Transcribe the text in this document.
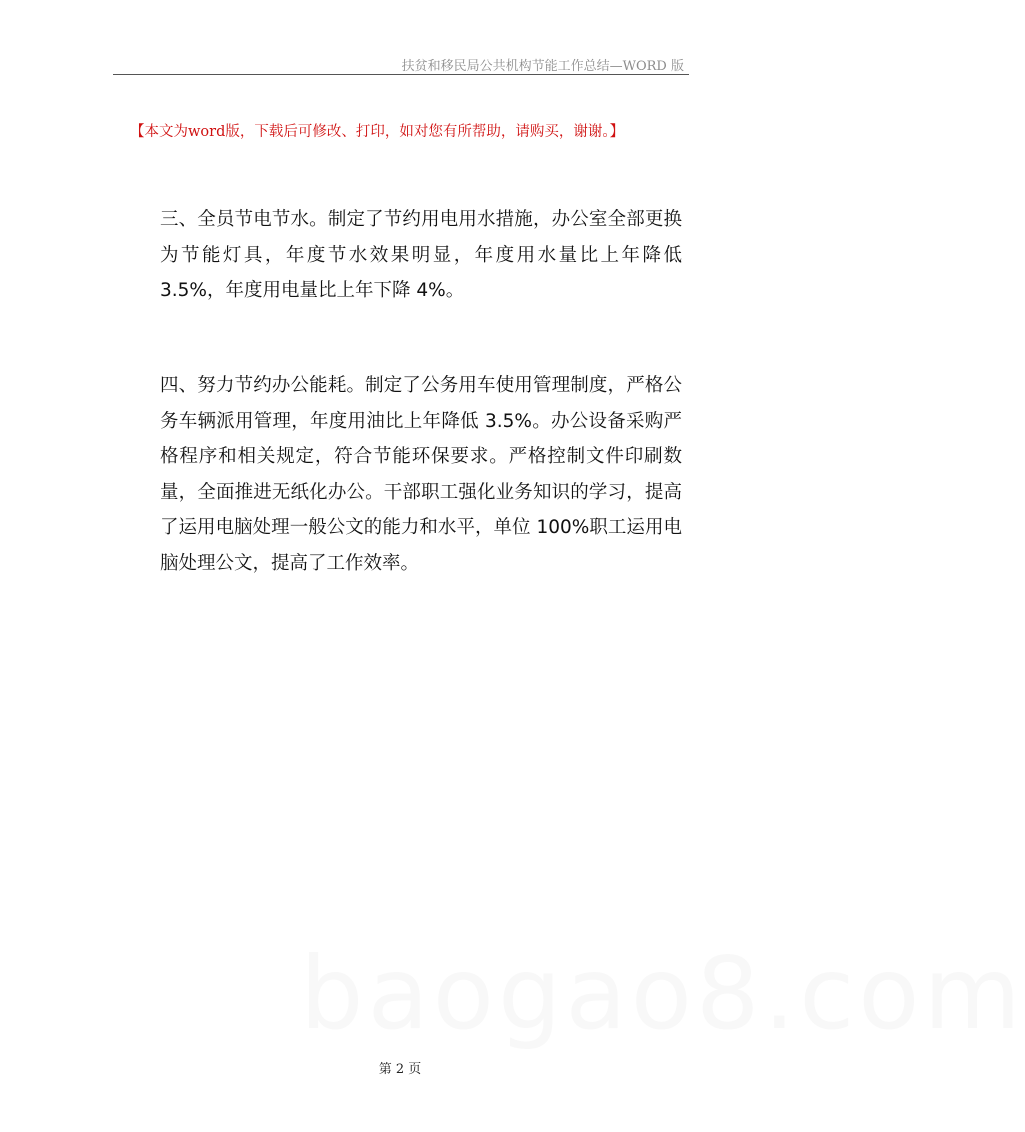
扶贫和移民局公共机构节能工作总结—WORD 版
【本文为word版，下载后可修改、打印，如对您有所帮助，请购买，谢谢。】

三、全员节电节水。制定了节约用电用水措施，办公室全部更换为节能灯具，年度节水效果明显，年度用水量比上年降低 3.5%，年度用电量比上年下降 4%。

四、努力节约办公能耗。制定了公务用车使用管理制度，严格公务车辆派用管理，年度用油比上年降低 3.5%。办公设备采购严格程序和相关规定，符合节能环保要求。严格控制文件印刷数量，全面推进无纸化办公。干部职工强化业务知识的学习，提高了运用电脑处理一般公文的能力和水平，单位 100%职工运用电脑处理公文，提高了工作效率。

baogao8.com
第 2 页
